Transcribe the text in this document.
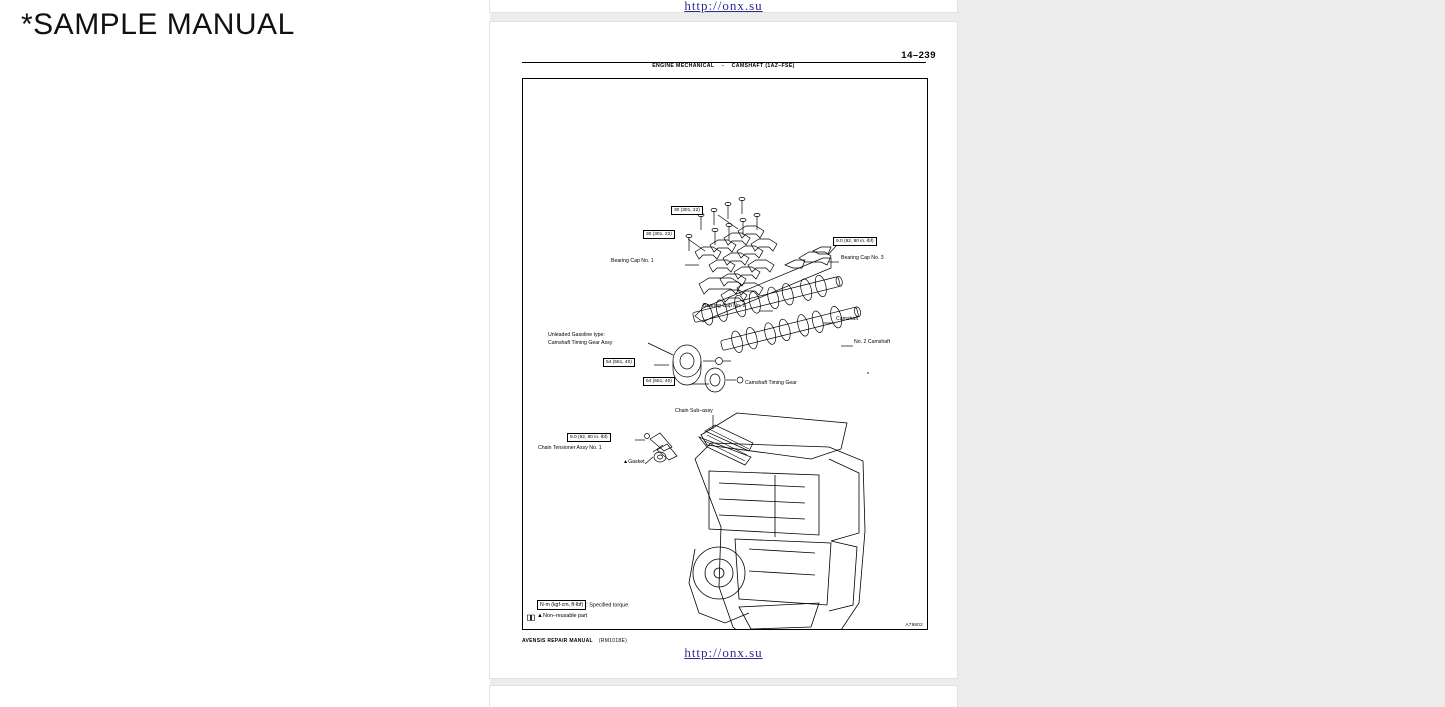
*SAMPLE MANUAL
http://onx.su
14–239
ENGINE MECHANICAL – CAMSHAFT (1AZ–FSE)
Bearing Cap No. 1
Bearing Cap No. 2
Bearing Cap No. 3
Camshaft
No. 2 Camshaft
Unleaded Gasoline type:
Camshaft Timing Gear Assy
Camshaft Timing Gear
Chain Sub–assy
Chain Tensioner Assy No. 1
▲Gasket
30 (301, 22)
30 (301, 22)
9.0 (92, 80 in.·lbf)
54 (551, 40)
54 (551, 40)
9.0 (92, 80 in.·lbf)
N·m (kgf·cm, ft·lbf) : Specified torque
▲Non–reusable part
A79802
AVENSIS REPAIR MANUAL (RM1018E)
http://onx.su
